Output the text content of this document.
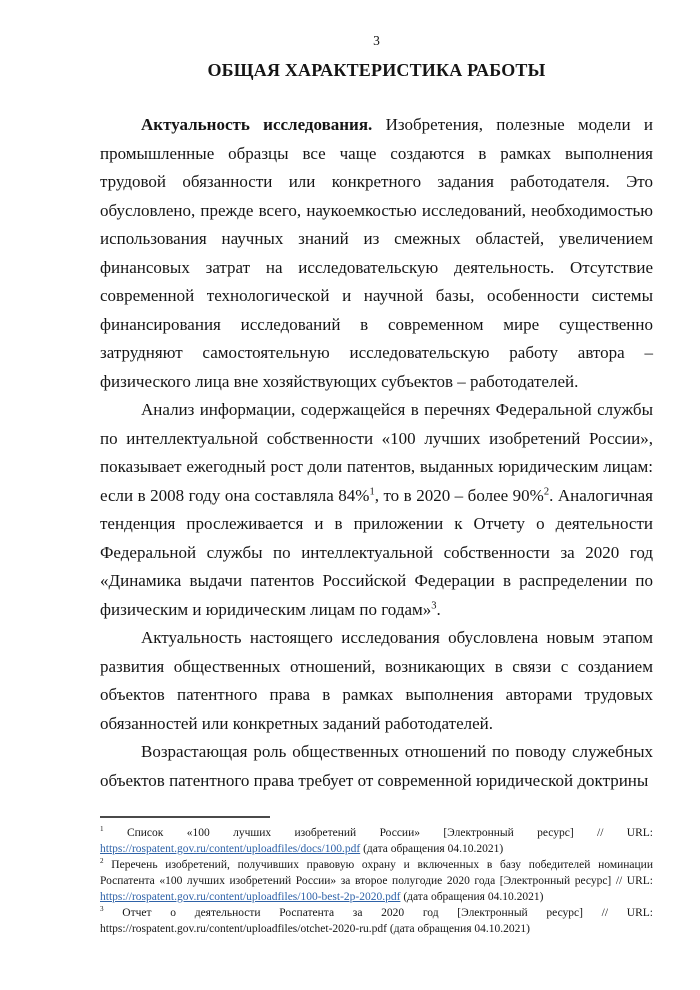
3
ОБЩАЯ ХАРАКТЕРИСТИКА РАБОТЫ

Актуальность исследования. Изобретения, полезные модели и промышленные образцы все чаще создаются в рамках выполнения трудовой обязанности или конкретного задания работодателя. Это обусловлено, прежде всего, наукоемкостью исследований, необходимостью использования научных знаний из смежных областей, увеличением финансовых затрат на исследовательскую деятельность. Отсутствие современной технологической и научной базы, особенности системы финансирования исследований в современном мире существенно затрудняют самостоятельную исследовательскую работу автора – физического лица вне хозяйствующих субъектов – работодателей.

Анализ информации, содержащейся в перечнях Федеральной службы по интеллектуальной собственности «100 лучших изобретений России», показывает ежегодный рост доли патентов, выданных юридическим лицам: если в 2008 году она составляла 84%$^1$, то в 2020 – более 90%$^2$. Аналогичная тенденция прослеживается и в приложении к Отчету о деятельности Федеральной службы по интеллектуальной собственности за 2020 год «Динамика выдачи патентов Российской Федерации в распределении по физическим и юридическим лицам по годам»$^3$.

Актуальность настоящего исследования обусловлена новым этапом развития общественных отношений, возникающих в связи с созданием объектов патентного права в рамках выполнения авторами трудовых обязанностей или конкретных заданий работодателей.

Возрастающая роль общественных отношений по поводу служебных объектов патентного права требует от современной юридической доктрины

$^1$ Список «100 лучших изобретений России» [Электронный ресурс] // URL: https://rospatent.gov.ru/content/uploadfiles/docs/100.pdf (дата обращения 04.10.2021)

$^2$ Перечень изобретений, получивших правовую охрану и включенных в базу победителей номинации Роспатента «100 лучших изобретений России» за второе полугодие 2020 года [Электронный ресурс] // URL: https://rospatent.gov.ru/content/uploadfiles/100-best-2p-2020.pdf (дата обращения 04.10.2021)

$^3$ Отчет о деятельности Роспатента за 2020 год [Электронный ресурс] // URL: https://rospatent.gov.ru/content/uploadfiles/otchet-2020-ru.pdf (дата обращения 04.10.2021)
